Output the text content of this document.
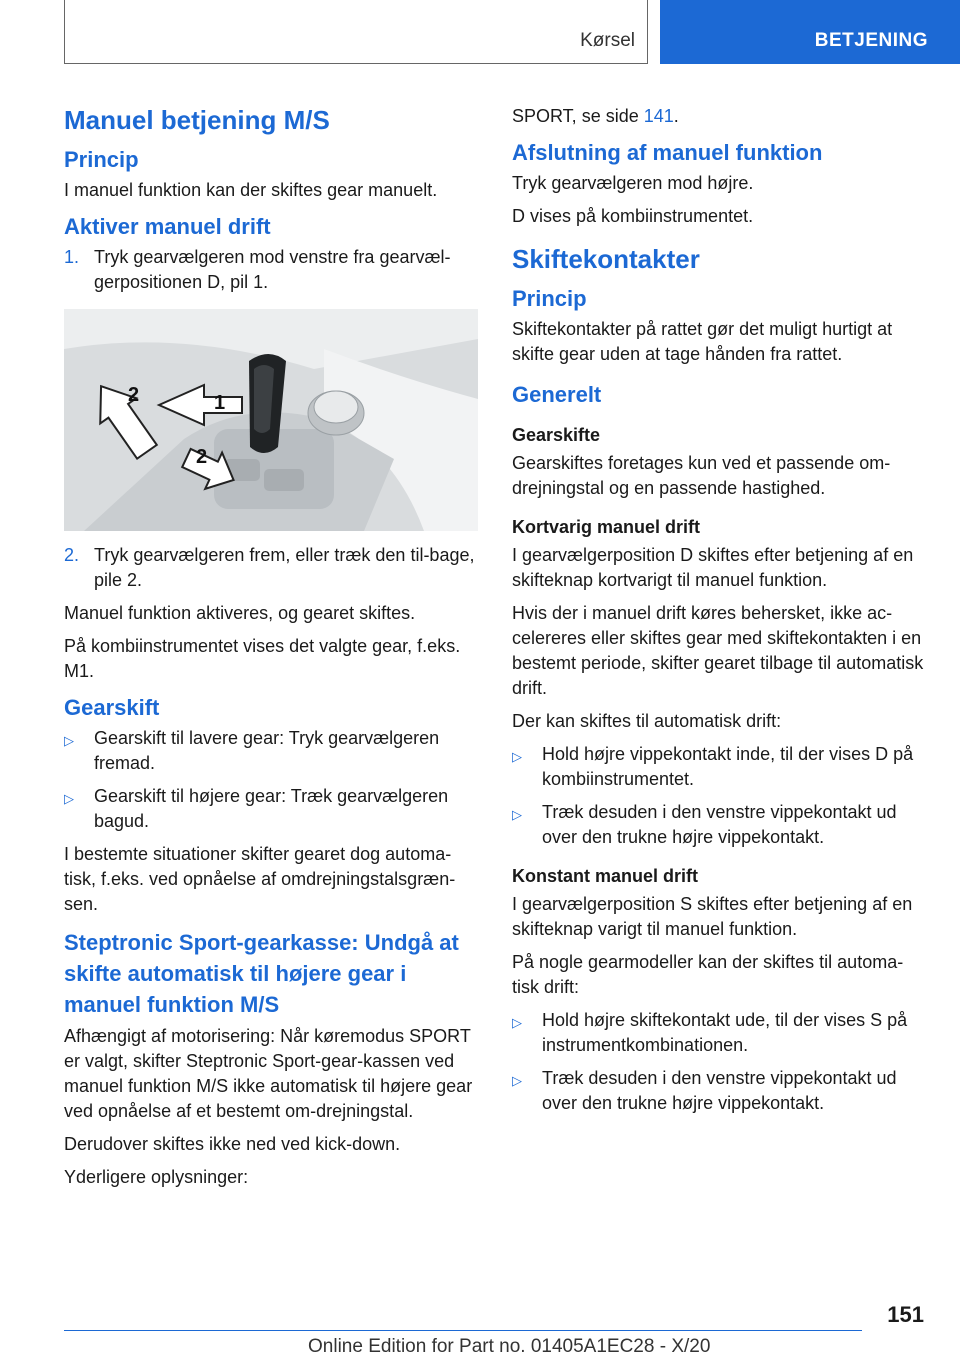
Kørsel	BETJENING
Manuel betjening M/S
Princip

I manuel funktion kan der skiftes gear manuelt.

Aktiver manuel drift
1. Tryk gearvælgeren mod venstre fra gearvæl-gerpositionen D, pil 1.
1
2
2
2. Tryk gearvælgeren frem, eller træk den til-bage, pile 2.

Manuel funktion aktiveres, og gearet skiftes.

På kombiinstrumentet vises det valgte gear, f.eks. M1.

Gearskift
▷	Gearskift til lavere gear: Tryk gearvælgeren fremad.
▷	Gearskift til højere gear: Træk gearvælgeren bagud.

I bestemte situationer skifter gearet dog automa-tisk, f.eks. ved opnåelse af omdrejningstalsgræn-sen.

Steptronic Sport-gearkasse: Undgå at skifte automatisk til højere gear i manuel funktion M/S

Afhængigt af motorisering: Når køremodus SPORT er valgt, skifter Steptronic Sport-gear-kassen ved manuel funktion M/S ikke automatisk til højere gear ved opnåelse af et bestemt om-drejningstal.

Derudover skiftes ikke ned ved kick-down.

Yderligere oplysninger:

SPORT, se side 141.

Afslutning af manuel funktion

Tryk gearvælgeren mod højre.

D vises på kombiinstrumentet.

Skiftekontakter
Princip

Skiftekontakter på rattet gør det muligt hurtigt at skifte gear uden at tage hånden fra rattet.

Generelt
Gearskifte

Gearskiftes foretages kun ved et passende om-drejningstal og en passende hastighed.

Kortvarig manuel drift

I gearvælgerposition D skiftes efter betjening af en skifteknap kortvarigt til manuel funktion.

Hvis der i manuel drift køres behersket, ikke ac-celereres eller skiftes gear med skiftekontakten i en bestemt periode, skifter gearet tilbage til automatisk drift.

Der kan skiftes til automatisk drift:

▷	Hold højre vippekontakt inde, til der vises D på kombiinstrumentet.
▷	Træk desuden i den venstre vippekontakt ud over den trukne højre vippekontakt.
Konstant manuel drift

I gearvælgerposition S skiftes efter betjening af en skifteknap varigt til manuel funktion.

På nogle gearmodeller kan der skiftes til automa-tisk drift:

▷	Hold højre skiftekontakt ude, til der vises S på instrumentkombinationen.
▷	Træk desuden i den venstre vippekontakt ud over den trukne højre vippekontakt.
151
Online Edition for Part no. 01405A1EC28 - X/20
